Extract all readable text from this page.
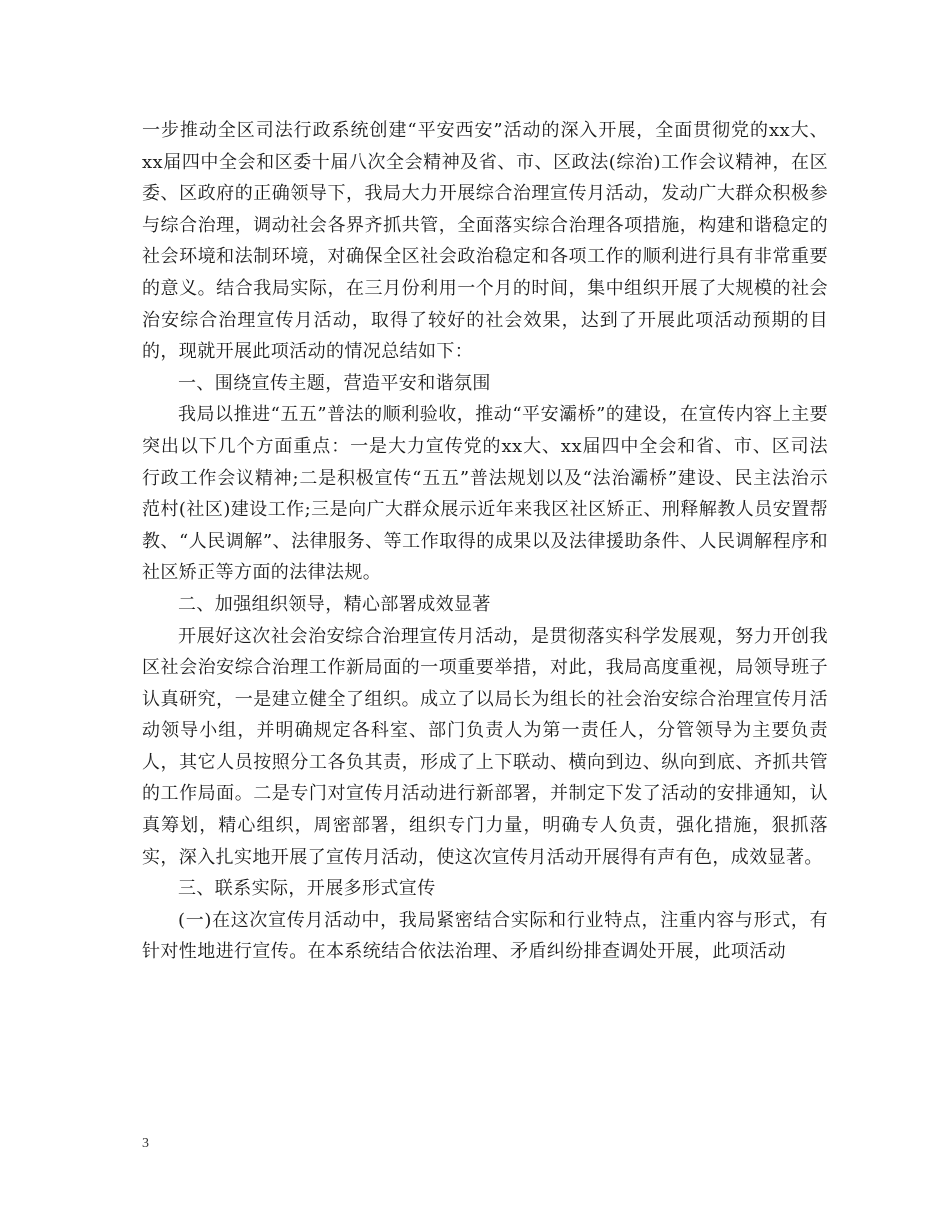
一步推动全区司法行政系统创建“平安西安”活动的深入开展，全面贯彻党的xx大、xx届四中全会和区委十届八次全会精神及省、市、区政法(综治)工作会议精神，在区委、区政府的正确领导下，我局大力开展综合治理宣传月活动，发动广大群众积极参与综合治理，调动社会各界齐抓共管，全面落实综合治理各项措施，构建和谐稳定的社会环境和法制环境，对确保全区社会政治稳定和各项工作的顺利进行具有非常重要的意义。结合我局实际，在三月份利用一个月的时间，集中组织开展了大规模的社会治安综合治理宣传月活动，取得了较好的社会效果，达到了开展此项活动预期的目的，现就开展此项活动的情况总结如下：

一、围绕宣传主题，营造平安和谐氛围

我局以推进“五五”普法的顺利验收，推动“平安灞桥”的建设，在宣传内容上主要突出以下几个方面重点：一是大力宣传党的xx大、xx届四中全会和省、市、区司法行政工作会议精神;二是积极宣传“五五”普法规划以及“法治灞桥”建设、民主法治示范村(社区)建设工作;三是向广大群众展示近年来我区社区矫正、刑释解教人员安置帮教、“人民调解”、法律服务、等工作取得的成果以及法律援助条件、人民调解程序和社区矫正等方面的法律法规。

二、加强组织领导，精心部署成效显著

开展好这次社会治安综合治理宣传月活动，是贯彻落实科学发展观，努力开创我区社会治安综合治理工作新局面的一项重要举措，对此，我局高度重视，局领导班子认真研究，一是建立健全了组织。成立了以局长为组长的社会治安综合治理宣传月活动领导小组，并明确规定各科室、部门负责人为第一责任人，分管领导为主要负责人，其它人员按照分工各负其责，形成了上下联动、横向到边、纵向到底、齐抓共管的工作局面。二是专门对宣传月活动进行新部署，并制定下发了活动的安排通知，认真筹划，精心组织，周密部署，组织专门力量，明确专人负责，强化措施，狠抓落实，深入扎实地开展了宣传月活动，使这次宣传月活动开展得有声有色，成效显著。

三、联系实际，开展多形式宣传

(一)在这次宣传月活动中，我局紧密结合实际和行业特点，注重内容与形式，有针对性地进行宣传。在本系统结合依法治理、矛盾纠纷排查调处开展，此项活动

3
